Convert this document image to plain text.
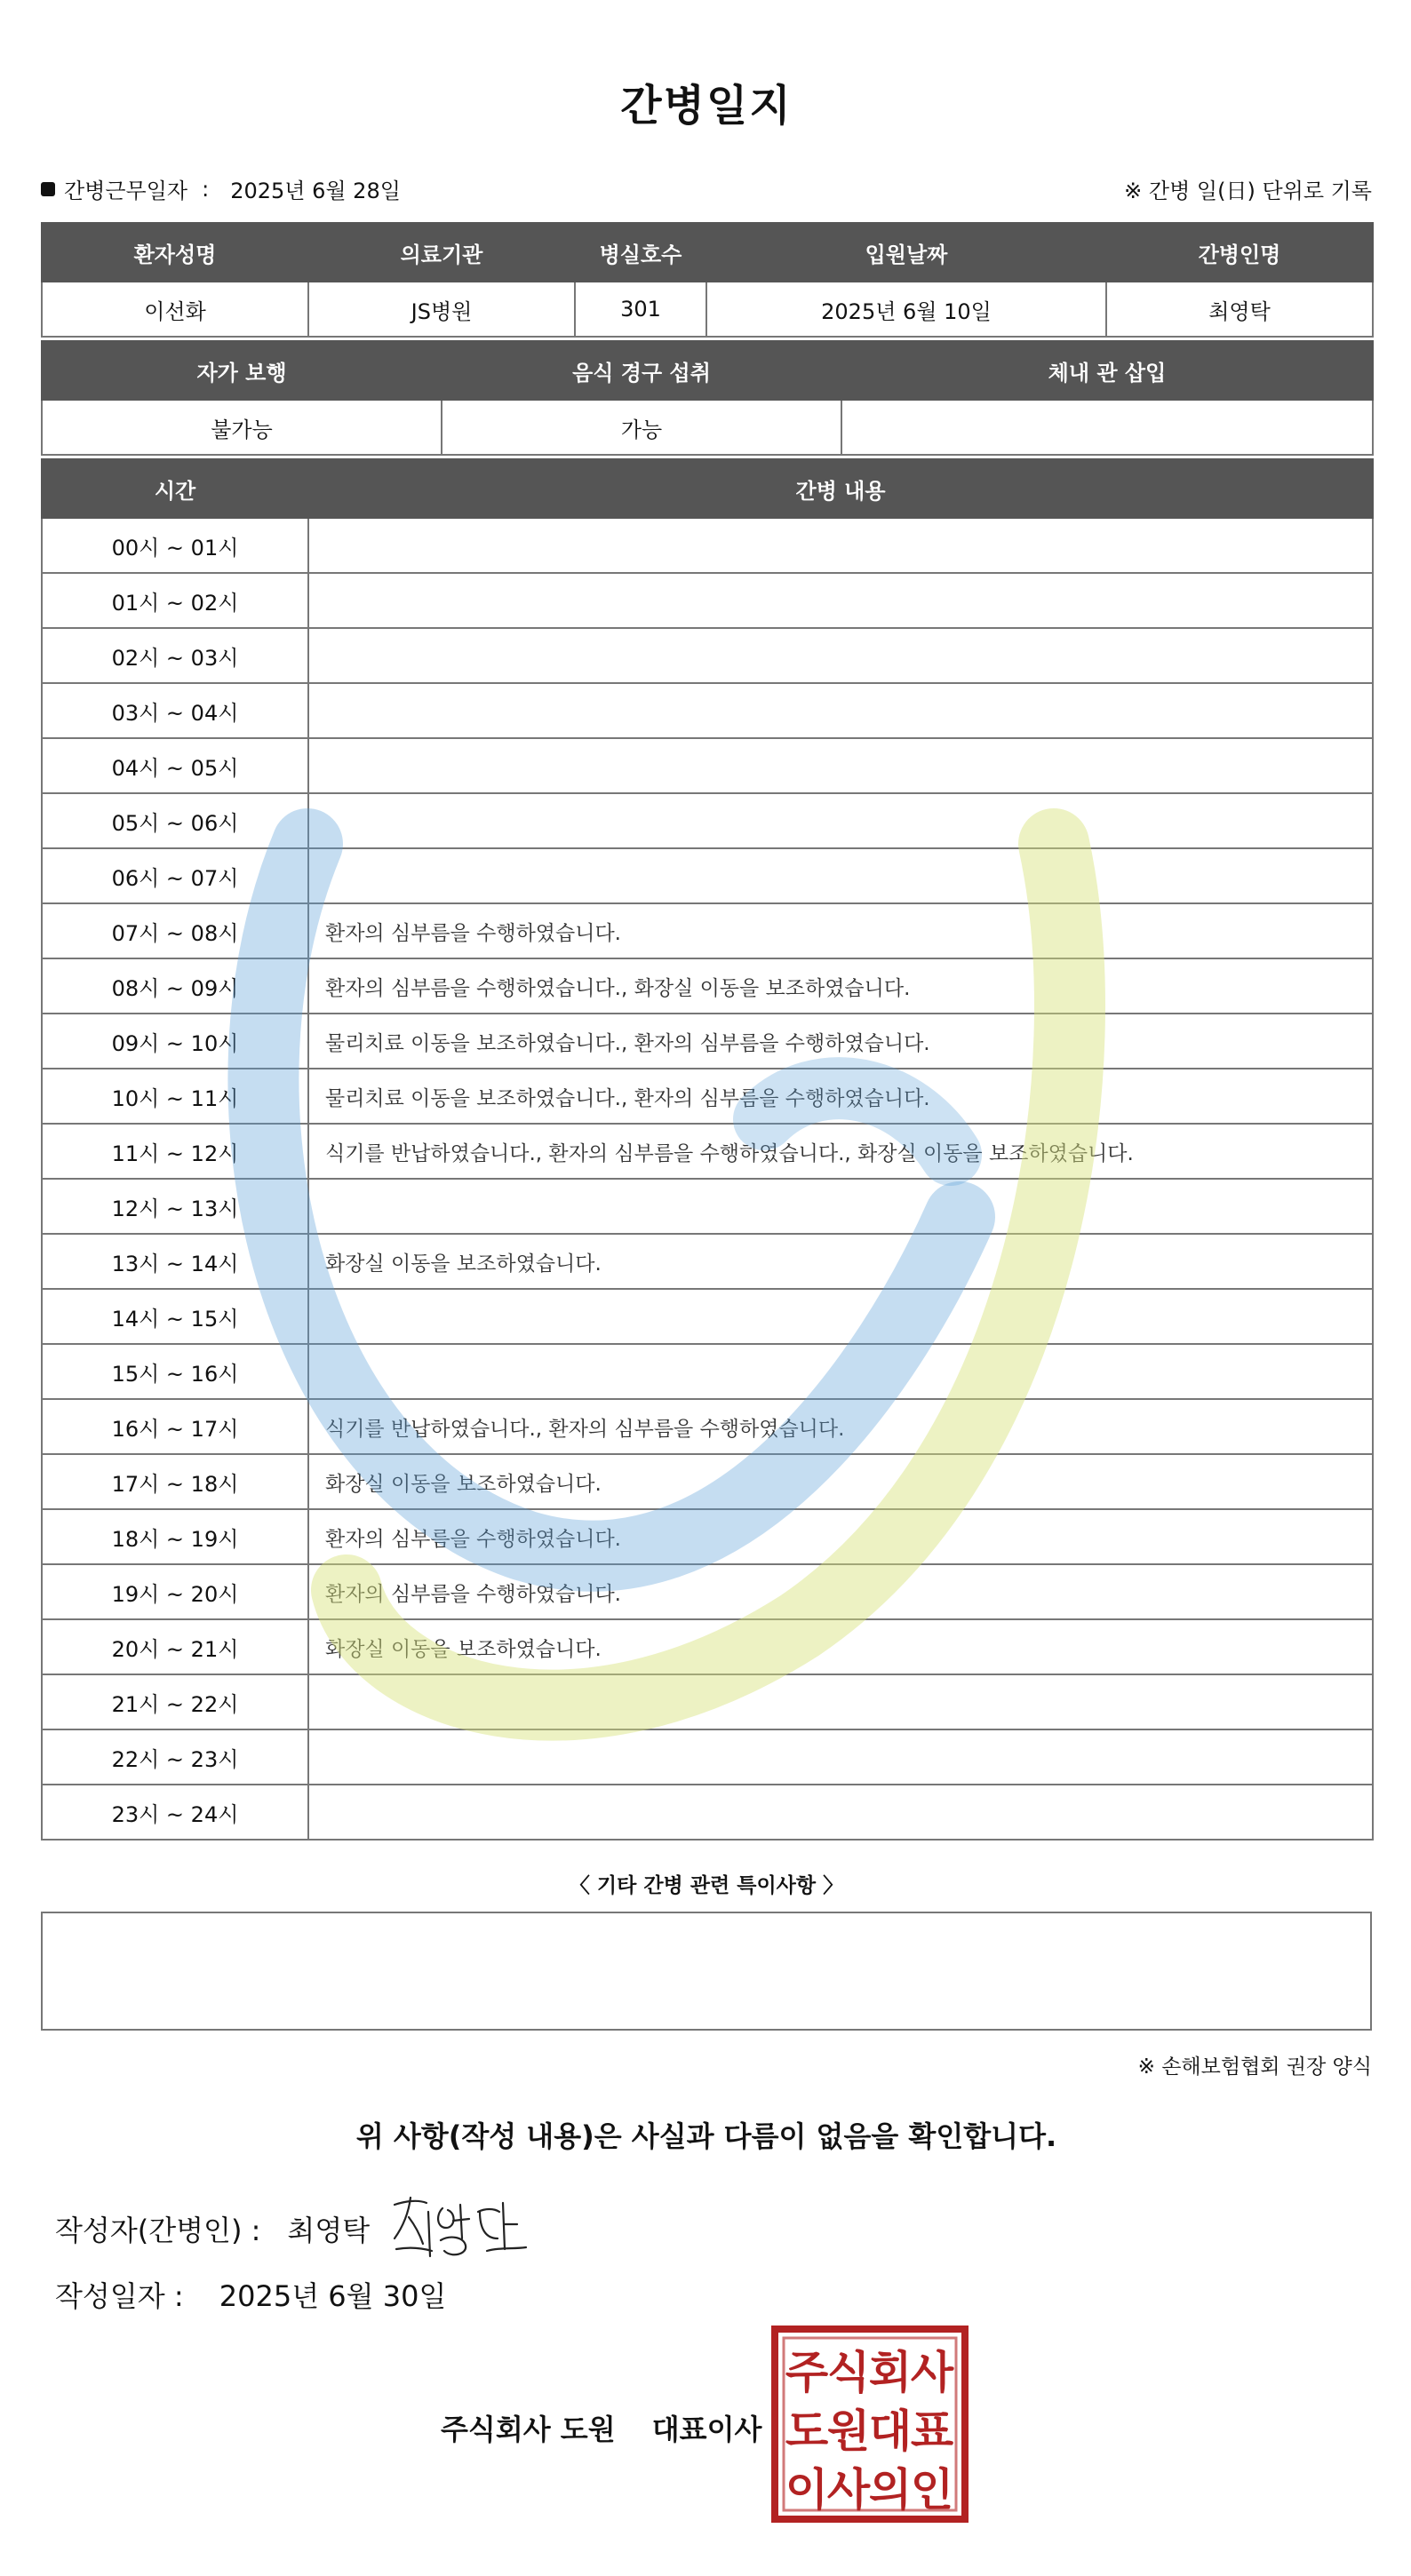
간병일지
간병근무일자 : 2025년 6월 28일	※ 간병 일(日) 단위로 기록
환자성명	의료기관	병실호수	입원날짜	간병인명
이선화	JS병원	301	2025년 6월 10일	최영탁
자가 보행	음식 경구 섭취	체내 관 삽입
불가능	가능	
시간	간병 내용
00시 ~ 01시	
01시 ~ 02시	
02시 ~ 03시	
03시 ~ 04시	
04시 ~ 05시	
05시 ~ 06시	
06시 ~ 07시	
07시 ~ 08시	환자의 심부름을 수행하였습니다.
08시 ~ 09시	환자의 심부름을 수행하였습니다., 화장실 이동을 보조하였습니다.
09시 ~ 10시	물리치료 이동을 보조하였습니다., 환자의 심부름을 수행하였습니다.
10시 ~ 11시	물리치료 이동을 보조하였습니다., 환자의 심부름을 수행하였습니다.
11시 ~ 12시	식기를 반납하였습니다., 환자의 심부름을 수행하였습니다., 화장실 이동을 보조하였습니다.
12시 ~ 13시	
13시 ~ 14시	화장실 이동을 보조하였습니다.
14시 ~ 15시	
15시 ~ 16시	
16시 ~ 17시	식기를 반납하였습니다., 환자의 심부름을 수행하였습니다.
17시 ~ 18시	화장실 이동을 보조하였습니다.
18시 ~ 19시	환자의 심부름을 수행하였습니다.
19시 ~ 20시	환자의 심부름을 수행하였습니다.
20시 ~ 21시	화장실 이동을 보조하였습니다.
21시 ~ 22시	
22시 ~ 23시	
23시 ~ 24시	
〈 기타 간병 관련 특이사항 〉
※ 손해보험협회 권장 양식
위 사항(작성 내용)은 사실과 다름이 없음을 확인합니다.
작성자(간병인) : 최영탁
작성일자 : 2025년 6월 30일
주식회사 도원 대표이사
주
식
회
사
도
원
대
표
이
사
의
인
